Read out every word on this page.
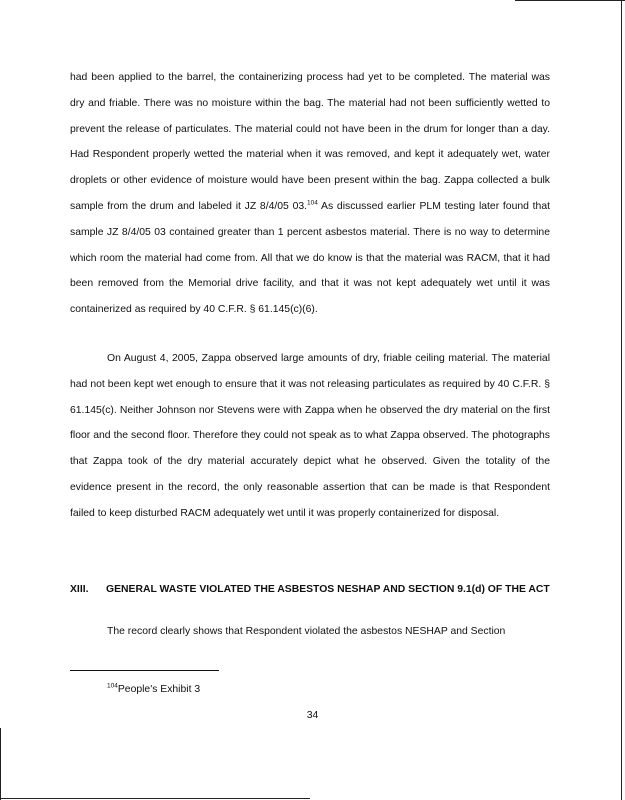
had been applied to the barrel, the containerizing process had yet to be completed. The material was dry and friable. There was no moisture within the bag. The material had not been sufficiently wetted to prevent the release of particulates. The material could not have been in the drum for longer than a day. Had Respondent properly wetted the material when it was removed, and kept it adequately wet, water droplets or other evidence of moisture would have been present within the bag. Zappa collected a bulk sample from the drum and labeled it JZ 8/4/05 03.$^{104}$ As discussed earlier PLM testing later found that sample JZ 8/4/05 03 contained greater than 1 percent asbestos material. There is no way to determine which room the material had come from. All that we do know is that the material was RACM, that it had been removed from the Memorial drive facility, and that it was not kept adequately wet until it was containerized as required by 40 C.F.R. § 61.145(c)(6).

On August 4, 2005, Zappa observed large amounts of dry, friable ceiling material. The material had not been kept wet enough to ensure that it was not releasing particulates as required by 40 C.F.R. § 61.145(c). Neither Johnson nor Stevens were with Zappa when he observed the dry material on the first floor and the second floor. Therefore they could not speak as to what Zappa observed. The photographs that Zappa took of the dry material accurately depict what he observed. Given the totality of the evidence present in the record, the only reasonable assertion that can be made is that Respondent failed to keep disturbed RACM adequately wet until it was properly containerized for disposal.

XIII. GENERAL WASTE VIOLATED THE ASBESTOS NESHAP AND SECTION 9.1(d) OF THE ACT

The record clearly shows that Respondent violated the asbestos NESHAP and Section

$^{104}$People's Exhibit 3

34
